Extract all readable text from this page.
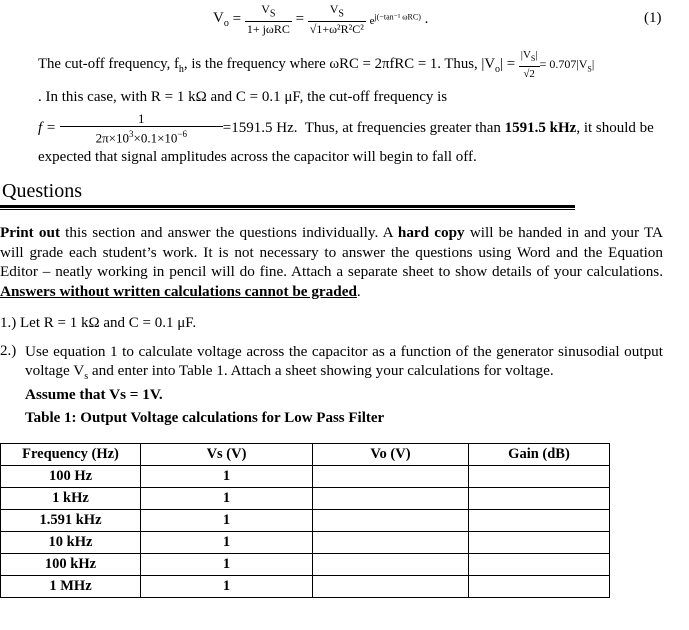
$V_o = \frac{V_S}{\text{1+ jωRC}} = \frac{V_S}{\text{√1+ω²R²C²}} e^{j(-tan^{-1} \omega RC)}$ .	(1)
The cut-off frequency, $f_h$, is the frequency where ωRC = 2πfRC = 1. Thus, $|V_o| = \frac{|V_S|}{√2} = 0.707|V_S|$
. In this case, with R = 1 kΩ and C = 0.1 μF, the cut-off frequency is
$f = \frac{1}{2\pi\times 10^3\times 0.1\times 10^{-6}} =1591.5$ Hz. Thus, at frequencies greater than 1591.5 kHz, it should be
expected that signal amplitudes across the capacitor will begin to fall off.
Questions
Print out this section and answer the questions individually. A hard copy will be handed in and your TA will grade each student’s work. It is not necessary to answer the questions using Word and the Equation Editor – neatly working in pencil will do fine. Attach a separate sheet to show details of your calculations. Answers without written calculations cannot be graded.
1.) Let R = 1 kΩ and C = 0.1 μF.
2.) Use equation 1 to calculate voltage across the capacitor as a function of the generator sinusodial output voltage $V_s$ and enter into Table 1. Attach a sheet showing your calculations for voltage.
Assume that Vs = 1V.
Table 1: Output Voltage calculations for Low Pass Filter
Frequency (Hz)	Vs (V)	Vo (V)	Gain (dB)
100 Hz	1		
1 kHz	1		
1.591 kHz	1		
10 kHz	1		
100 kHz	1		
1 MHz	1		
